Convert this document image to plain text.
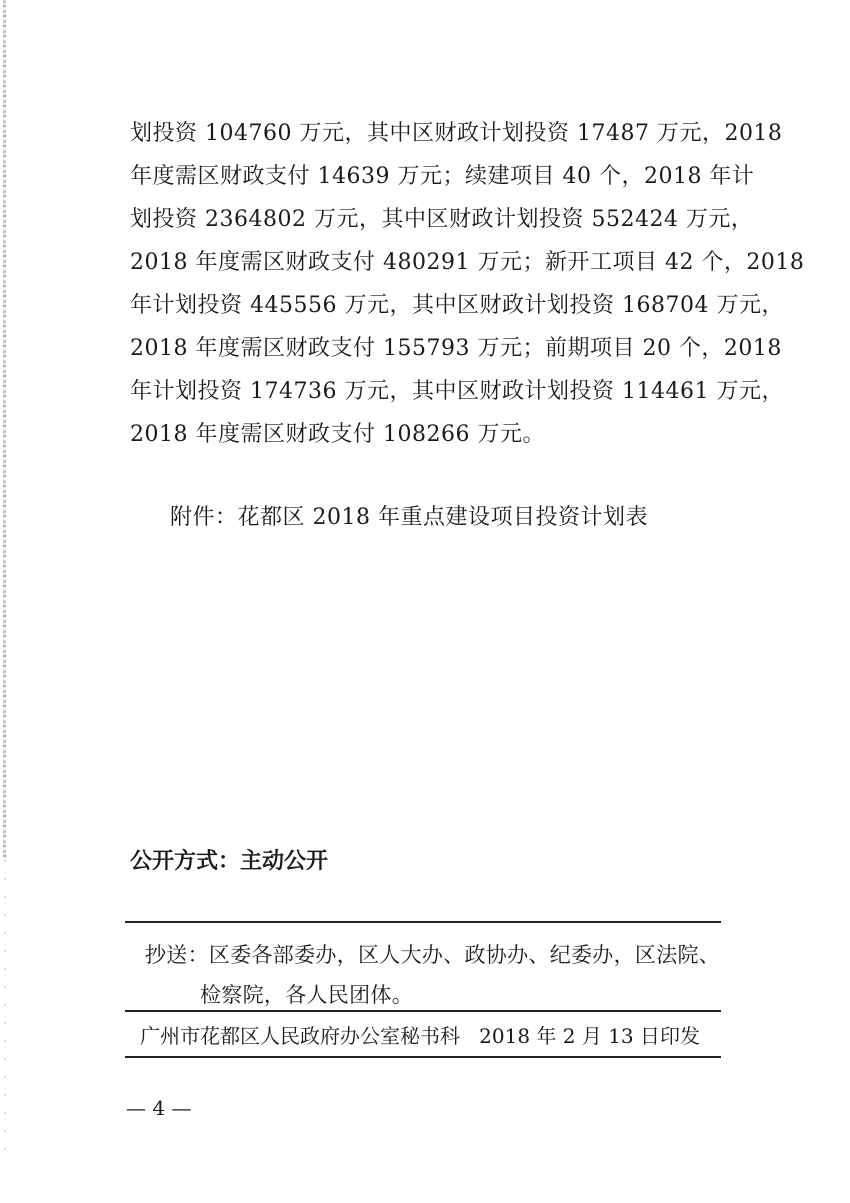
划投资 104760 万元，其中区财政计划投资 17487 万元，2018
年度需区财政支付 14639 万元；续建项目 40 个，2018 年计
划投资 2364802 万元，其中区财政计划投资 552424 万元，
2018 年度需区财政支付 480291 万元；新开工项目 42 个，2018
年计划投资 445556 万元，其中区财政计划投资 168704 万元，
2018 年度需区财政支付 155793 万元；前期项目 20 个，2018
年计划投资 174736 万元，其中区财政计划投资 114461 万元，
2018 年度需区财政支付 108266 万元。
附件：花都区 2018 年重点建设项目投资计划表
公开方式：主动公开
抄送：区委各部委办，区人大办、政协办、纪委办，区法院、
检察院，各人民团体。
广州市花都区人民政府办公室秘书科 2018 年 2 月 13 日印发
— 4 —
